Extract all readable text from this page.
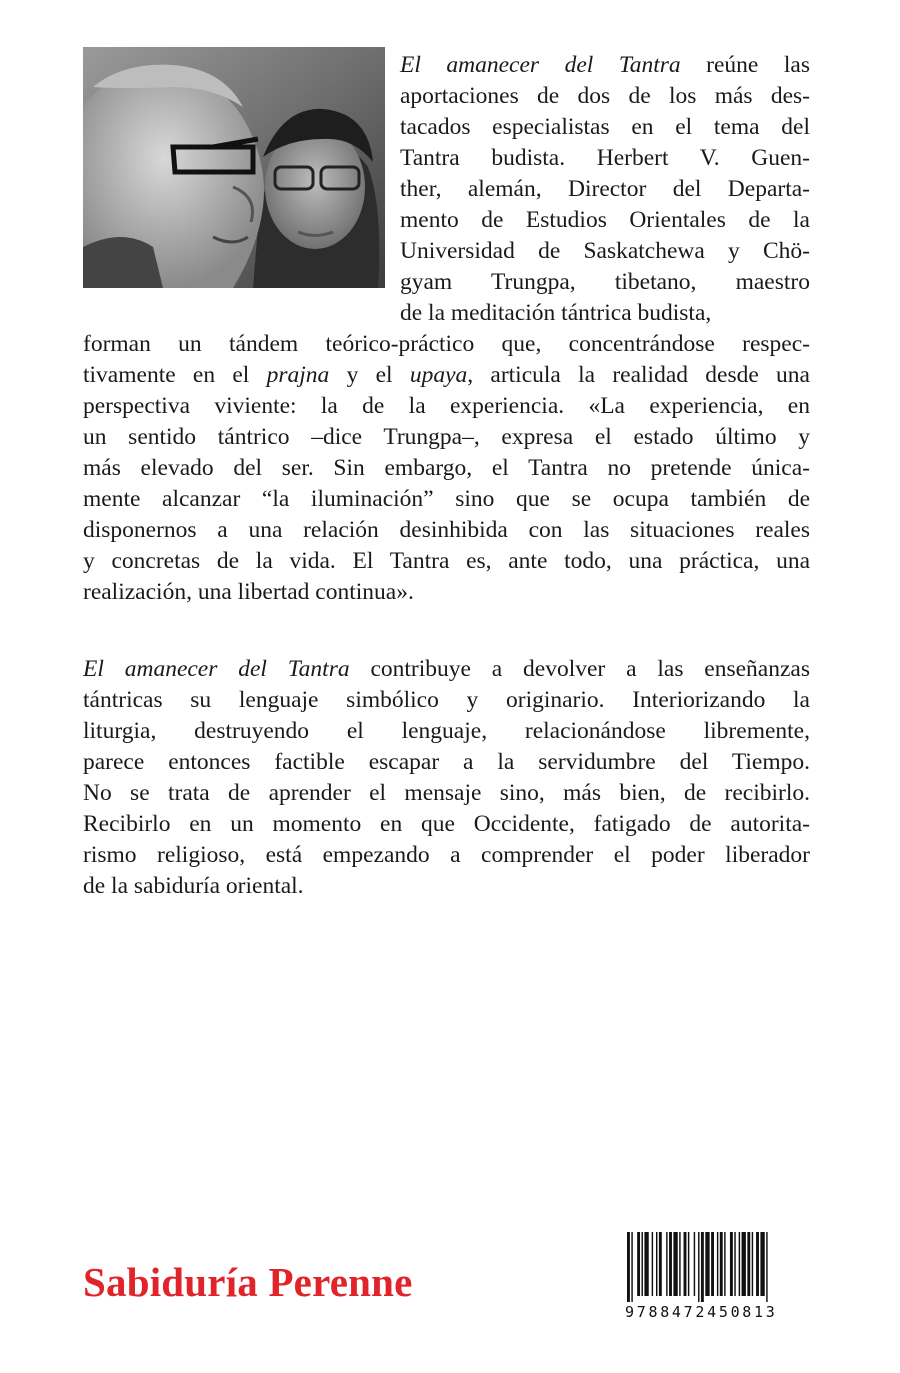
El amanecer del Tantra reúne las
aportaciones de dos de los más des-
tacados especialistas en el tema del
Tantra budista. Herbert V. Guen-
ther, alemán, Director del Departa-
mento de Estudios Orientales de la
Universidad de Saskatchewa y Chö-
gyam Trungpa, tibetano, maestro
de la meditación tántrica budista,
forman un tándem teórico-práctico que, concentrándose respec-
tivamente en el prajna y el upaya, articula la realidad desde una
perspectiva viviente: la de la experiencia. «La experiencia, en
un sentido tántrico –dice Trungpa–, expresa el estado último y
más elevado del ser. Sin embargo, el Tantra no pretende única-
mente alcanzar “la iluminación” sino que se ocupa también de
disponernos a una relación desinhibida con las situaciones reales
y concretas de la vida. El Tantra es, ante todo, una práctica, una
realización, una libertad continua».
El amanecer del Tantra contribuye a devolver a las enseñanzas
tántricas su lenguaje simbólico y originario. Interiorizando la
liturgia, destruyendo el lenguaje, relacionándose libremente,
parece entonces factible escapar a la servidumbre del Tiempo.
No se trata de aprender el mensaje sino, más bien, de recibirlo.
Recibirlo en un momento en que Occidente, fatigado de autorita-
rismo religioso, está empezando a comprender el poder liberador
de la sabiduría oriental.
Sabiduría Perenne
9788472450813
